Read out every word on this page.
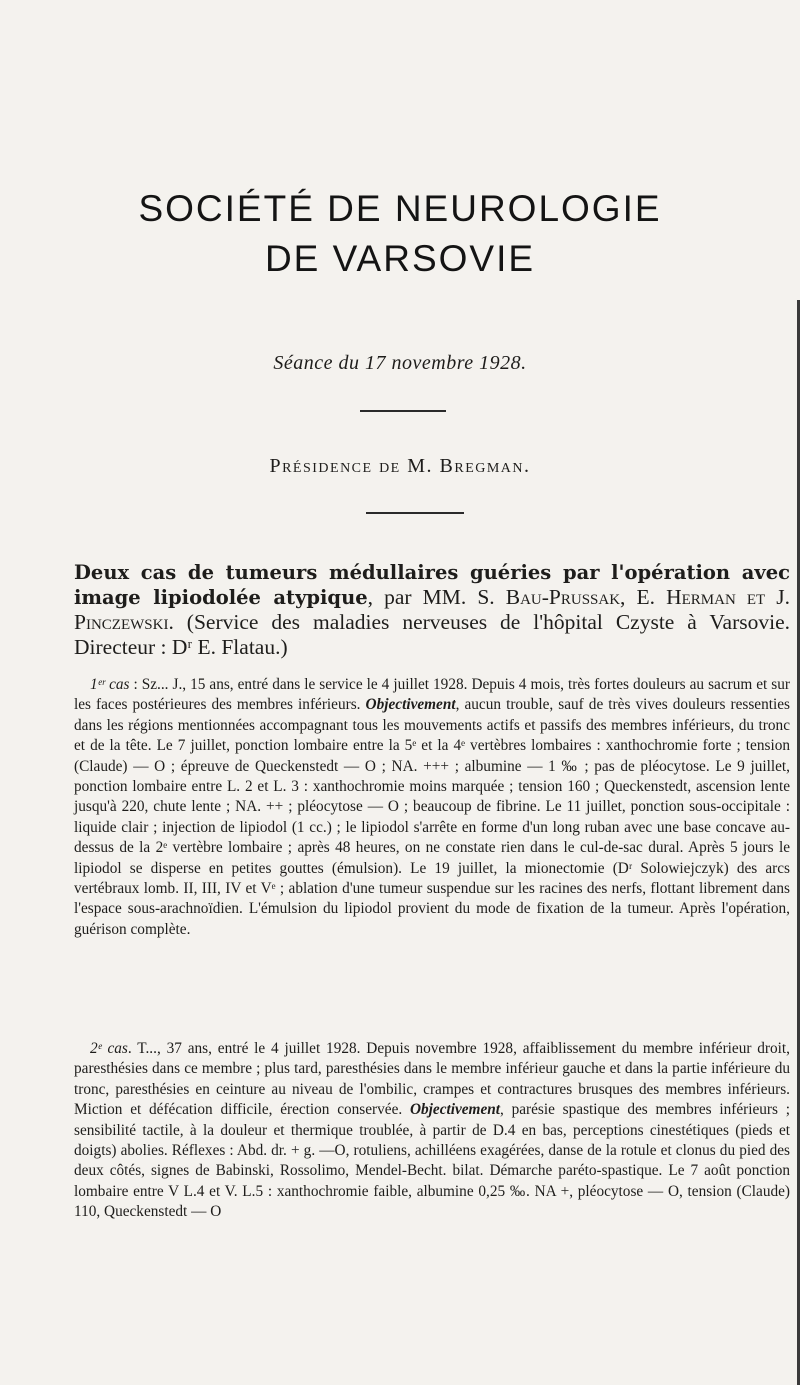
SOCIÉTÉ DE NEUROLOGIE
DE VARSOVIE
Séance du 17 novembre 1928.
Présidence de M. Bregman.
Deux cas de tumeurs médullaires guéries par l'opération avec image lipiodolée atypique, par MM. S. Bau-Prussak, E. Herman et J. Pinczewski. (Service des maladies nerveuses de l'hôpital Czyste à Varsovie. Directeur : Dʳ E. Flatau.)

1ᵉʳ cas : Sz... J., 15 ans, entré dans le service le 4 juillet 1928. Depuis 4 mois, très fortes douleurs au sacrum et sur les faces postérieures des membres inférieurs. Objectivement, aucun trouble, sauf de très vives douleurs ressenties dans les régions mentionnées accompagnant tous les mouvements actifs et passifs des membres inférieurs, du tronc et de la tête. Le 7 juillet, ponction lombaire entre la 5ᵉ et la 4ᵉ vertèbres lombaires : xanthochromie forte ; tension (Claude) — O ; épreuve de Queckenstedt — O ; NA. +++ ; albumine — 1 ‰ ; pas de pléocytose. Le 9 juillet, ponction lombaire entre L. 2 et L. 3 : xanthochromie moins marquée ; tension 160 ; Queckenstedt, ascension lente jusqu'à 220, chute lente ; NA. ++ ; pléocytose — O ; beaucoup de fibrine. Le 11 juillet, ponction sous-occipitale : liquide clair ; injection de lipiodol (1 cc.) ; le lipiodol s'arrête en forme d'un long ruban avec une base concave au-dessus de la 2ᵉ vertèbre lombaire ; après 48 heures, on ne constate rien dans le cul-de-sac dural. Après 5 jours le lipiodol se disperse en petites gouttes (émulsion). Le 19 juillet, la mionectomie (Dʳ Solowiejczyk) des arcs vertébraux lomb. II, III, IV et Vᵉ ; ablation d'une tumeur suspendue sur les racines des nerfs, flottant librement dans l'espace sous-arachnoïdien. L'émulsion du lipiodol provient du mode de fixation de la tumeur. Après l'opération, guérison complète.

2ᵉ cas. T..., 37 ans, entré le 4 juillet 1928. Depuis novembre 1928, affaiblissement du membre inférieur droit, paresthésies dans ce membre ; plus tard, paresthésies dans le membre inférieur gauche et dans la partie inférieure du tronc, paresthésies en ceinture au niveau de l'ombilic, crampes et contractures brusques des membres inférieurs. Miction et défécation difficile, érection conservée. Objectivement, parésie spastique des membres inférieurs ; sensibilité tactile, à la douleur et thermique troublée, à partir de D.4 en bas, perceptions cinestétiques (pieds et doigts) abolies. Réflexes : Abd. dr. + g. —O, rotuliens, achilléens exagérées, danse de la rotule et clonus du pied des deux côtés, signes de Babinski, Rossolimo, Mendel-Becht. bilat. Démarche paréto-spastique. Le 7 août ponction lombaire entre V L.4 et V. L.5 : xanthochromie faible, albumine 0,25 ‰. NA +, pléocytose — O, tension (Claude) 110, Queckenstedt — O
